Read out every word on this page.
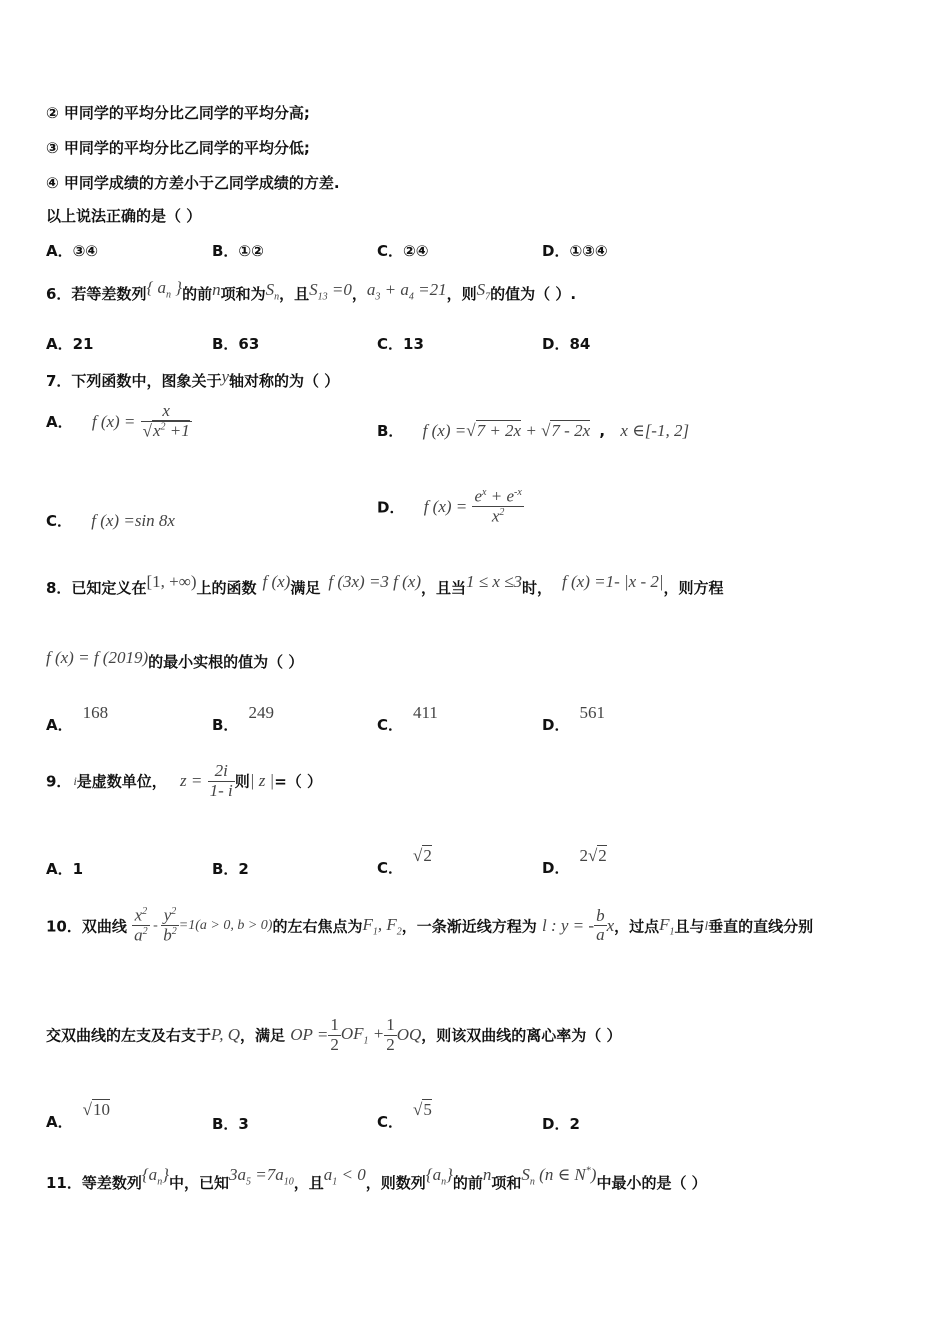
② 甲同学的平均分比乙同学的平均分高;
③ 甲同学的平均分比乙同学的平均分低;
④ 甲同学成绩的方差小于乙同学成绩的方差.
以上说法正确的是（ ）
A．③④	B．①②	C．②④	D．①③④
6．若等差数列{ $a_n$ }的前n项和为$S_n$，且$S_{13} =0$，$a_3 + a_4 =21$，则$S_7$的值为（ ）.
A．21	B．63	C．13	D．84
7．下列函数中，图象关于y轴对称的为（ ）
A． f $(x) = \frac{x}{√x^2 +1}$	B． f (x) =√7 + 2x + √7 - 2x , x ∈[-1, 2]
C． f (x) =sin 8x
D． f $(x) = \frac{e^x + e^{-x}}{x^2}$
8．已知定义在[1, +∞)上的函数 f (x)满足 f (3x) =3 f (x)，且当1 ≤ x ≤3时， f (x) =1- |x - 2|，则方程
f (x) = f (2019)的最小实根的值为（ ）
A．168
B．249
C．411
D．561
9． i是虚数单位， $z = \frac{2i}{1- i}$ 则| z |=（ ）
A．1	B．2	C．√2
D．2√2
10．双曲线 $\frac{x^2}{a^2} - \frac{y^2}{b^2} =1(a > 0$, b > 0)的左右焦点为$F_1$, $F_2$，一条渐近线方程为 l : y = - $\frac{b}{a}$ x，过点$F_1$且与l垂直的直线分别
交双曲线的左支及右支于P, Q，满足 OP = $\frac{1}{2} OF_1 + \frac{1}{2}$ OQ，则该双曲线的离心率为（ ）
A．√10
B．3	C．√5
D．2
11．等差数列$\{a_n\}$中，已知$3a_5 =7a_{10}$，且$a_1 < 0$，则数列$\{a_n\}$的前n项和$S_n$ (n ∈ N*)中最小的是（ ）
